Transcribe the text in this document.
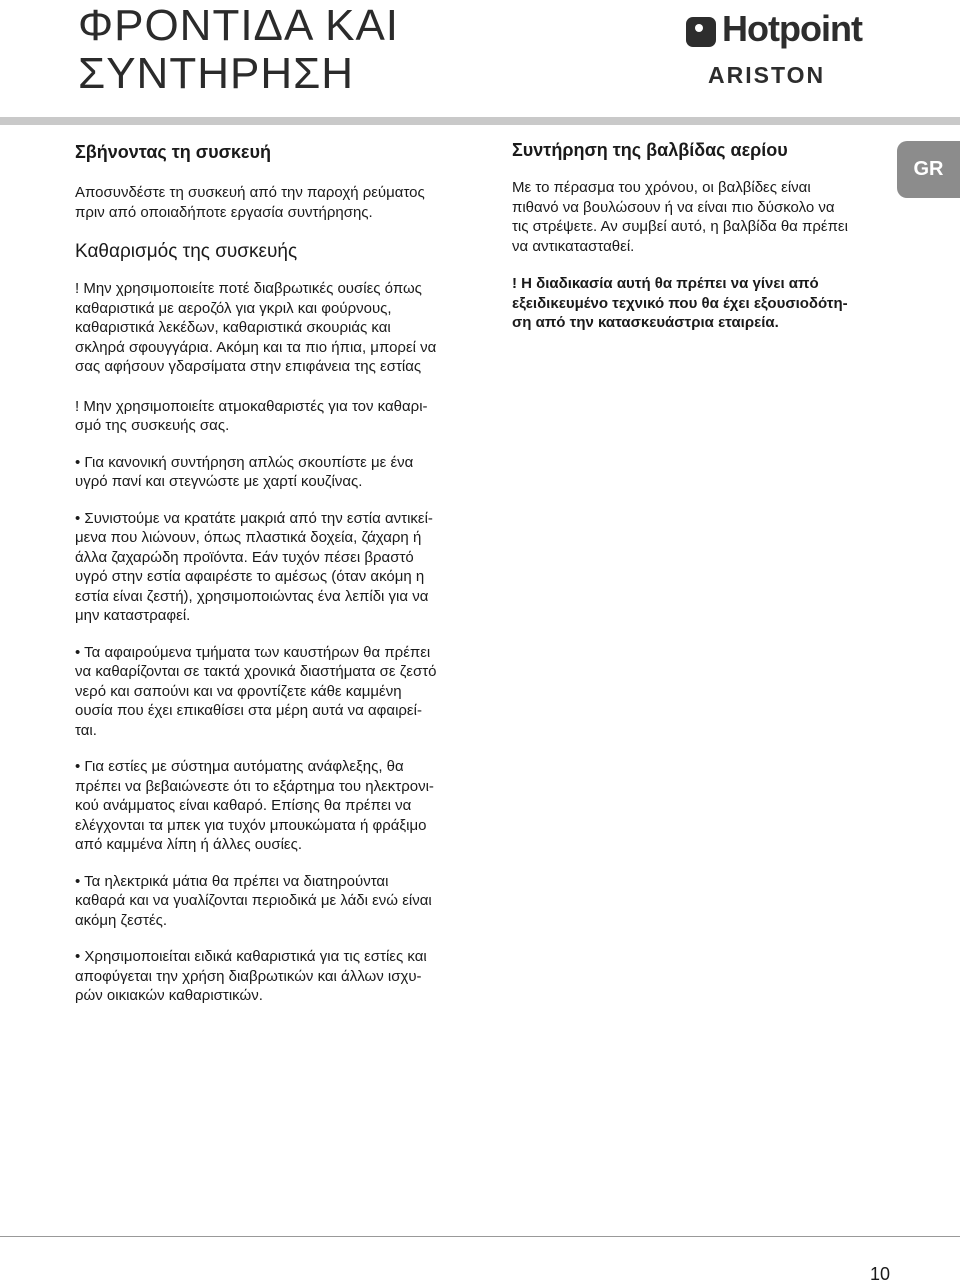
ΦΡΟΝΤΙΔΑ ΚΑΙ
ΣΥΝΤΗΡΗΣΗ
Hotpoint
ARISTON
GR
Σβήνοντας τη συσκευή

Αποσυνδέστε τη συσκευή από την παροχή ρεύματος
πριν από οποιαδήποτε εργασία συντήρησης.

Καθαρισμός της συσκευής

! Μην χρησιμοποιείτε ποτέ διαβρωτικές ουσίες όπως
καθαριστικά με αεροζόλ για γκριλ και φούρνους,
καθαριστικά λεκέδων, καθαριστικά σκουριάς και
σκληρά σφουγγάρια. Ακόμη και τα πιο ήπια, μπορεί να
σας αφήσουν γδαρσίματα στην επιφάνεια της εστίας

! Μην χρησιμοποιείτε ατμοκαθαριστές για τον καθαρι-
σμό της συσκευής σας.

• Για κανονική συντήρηση απλώς σκουπίστε με ένα
υγρό πανί και στεγνώστε με χαρτί κουζίνας.

• Συνιστούμε να κρατάτε μακριά από την εστία αντικεί-
μενα που λιώνουν, όπως πλαστικά δοχεία, ζάχαρη ή
άλλα ζαχαρώδη προϊόντα. Εάν τυχόν πέσει βραστό
υγρό στην εστία αφαιρέστε το αμέσως (όταν ακόμη η
εστία είναι ζεστή), χρησιμοποιώντας ένα λεπίδι για να
μην καταστραφεί.

• Τα αφαιρούμενα τμήματα των καυστήρων θα πρέπει
να καθαρίζονται σε τακτά χρονικά διαστήματα σε ζεστό
νερό και σαπούνι και να φροντίζετε κάθε καμμένη
ουσία που έχει επικαθίσει στα μέρη αυτά να αφαιρεί-
ται.

• Για εστίες με σύστημα αυτόματης ανάφλεξης, θα
πρέπει να βεβαιώνεστε ότι το εξάρτημα του ηλεκτρονι-
κού ανάμματος είναι καθαρό. Επίσης θα πρέπει να
ελέγχονται τα μπεκ για τυχόν μπουκώματα ή φράξιμο
από καμμένα λίπη ή άλλες ουσίες.

• Τα ηλεκτρικά μάτια θα πρέπει να διατηρούνται
καθαρά και να γυαλίζονται περιοδικά με λάδι ενώ είναι
ακόμη ζεστές.

• Χρησιμοποιείται ειδικά καθαριστικά για τις εστίες και
αποφύγεται την χρήση διαβρωτικών και άλλων ισχυ-
ρών οικιακών καθαριστικών.

Συντήρηση της βαλβίδας αερίου

Με το πέρασμα του χρόνου, οι βαλβίδες είναι
πιθανό να βουλώσουν ή να είναι πιο δύσκολο να
τις στρέψετε. Αν συμβεί αυτό, η βαλβίδα θα πρέπει
να αντικατασταθεί.

! Η διαδικασία αυτή θα πρέπει να γίνει από
εξειδικευμένο τεχνικό που θα έχει εξουσιοδότη-
ση από την κατασκευάστρια εταιρεία.

10
